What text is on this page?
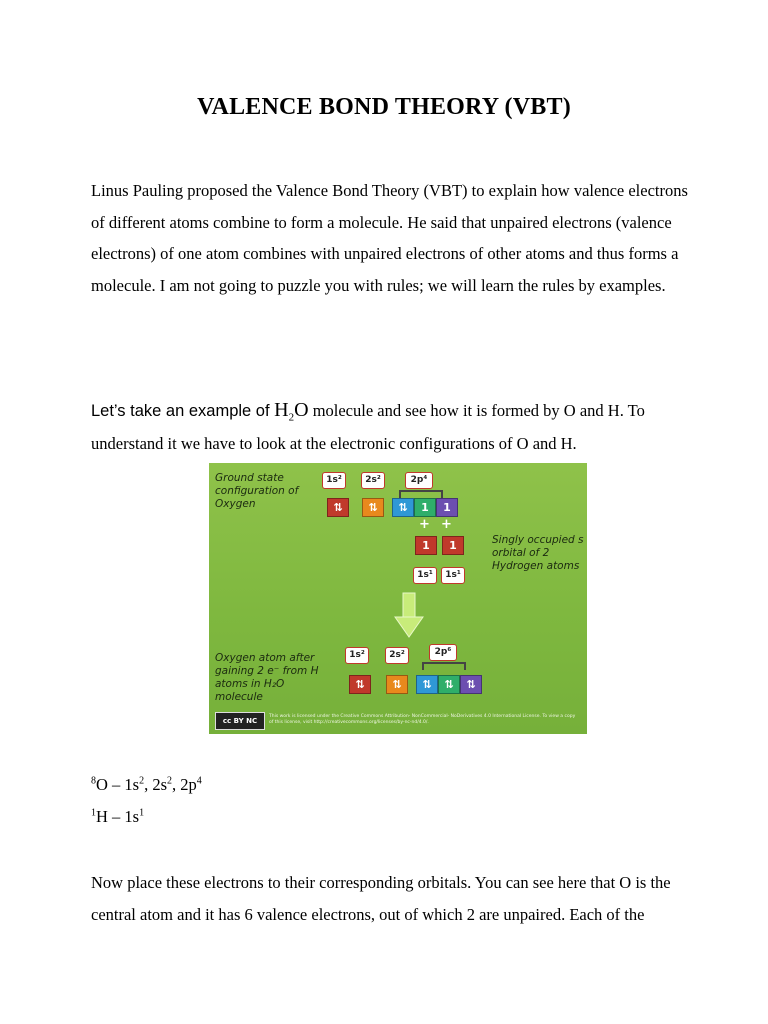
VALENCE BOND THEORY (VBT)

Linus Pauling proposed the Valence Bond Theory (VBT) to explain how valence electrons of different atoms combine to form a molecule. He said that unpaired electrons (valence electrons) of one atom combines with unpaired electrons of other atoms and thus forms a molecule. I am not going to puzzle you with rules; we will learn the rules by examples.

Let’s take an example of $H_2O$ molecule and see how it is formed by O and H. To understand it we have to look at the electronic configurations of O and H.

Ground state configuration of Oxygen
1s²	2s²	2p⁴
⇅	⇅	⇅	1	1
+ +
1	1
1s¹	1s¹
Singly occupied s orbital of 2 Hydrogen atoms
Oxygen atom after gaining 2 e⁻ from H atoms in H₂O molecule
1s²	2s²	2p⁶
⇅	⇅	⇅	⇅	⇅
cc BY NC ND
This work is licensed under the Creative Commons Attribution- NonCommercial- NoDerivatives 4.0 International License. To view a copy of this license, visit http://creativecommons.org/licenses/by-nc-nd/4.0/.
$^8O - 1s^2$, $2s^2$, $2p^4$
$^1H - 1s^1$

Now place these electrons to their corresponding orbitals. You can see here that O is the central atom and it has 6 valence electrons, out of which 2 are unpaired. Each of the
